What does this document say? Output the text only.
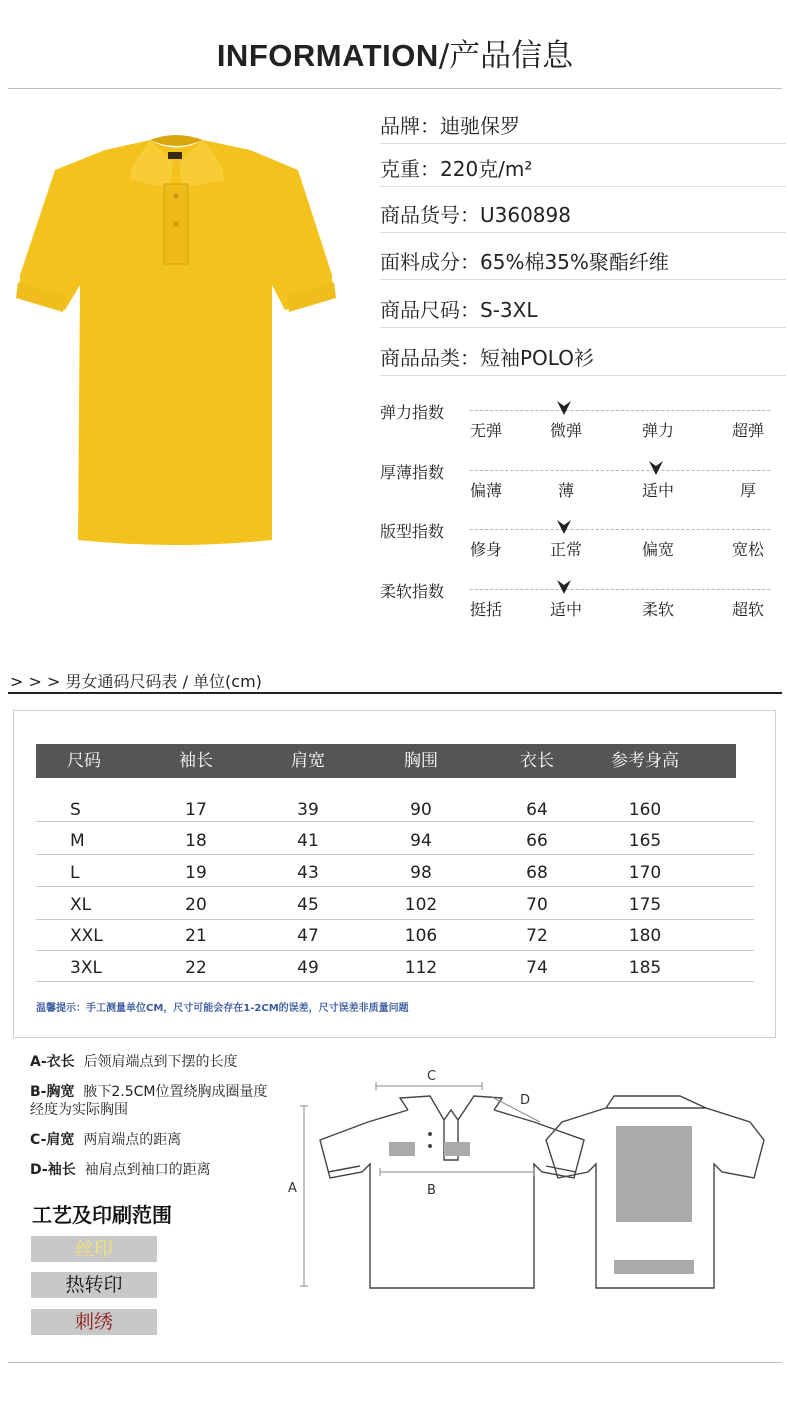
INFORMATION/产品信息
品牌：迪驰保罗
克重：220克/m²
商品货号：U360898
面料成分：65%棉35%聚酯纤维
商品尺码：S-3XL
商品品类：短袖POLO衫
弹力指数
无弹	微弹	弹力	超弹
厚薄指数
偏薄	薄	适中	厚
版型指数
修身	正常	偏宽	宽松
柔软指数
挺括	适中	柔软	超软
> > > 男女通码尺码表 / 单位(cm)
尺码	袖长	肩宽	胸围	衣长	参考身高
S	17	39	90	64	160
M	18	41	94	66	165
L	19	43	98	68	170
XL	20	45	102	70	175
XXL	21	47	106	72	180
3XL	22	49	112	74	185
温馨提示：手工测量单位CM，尺寸可能会存在1-2CM的误差，尺寸误差非质量问题
A-衣长 后领肩端点到下摆的长度
B-胸宽 腋下2.5CM位置绕胸成圈量度经度为实际胸围
C-肩宽 两肩端点的距离
D-袖长 袖肩点到袖口的距离
工艺及印刷范围
丝印
热转印
刺绣
C
B
A
D
